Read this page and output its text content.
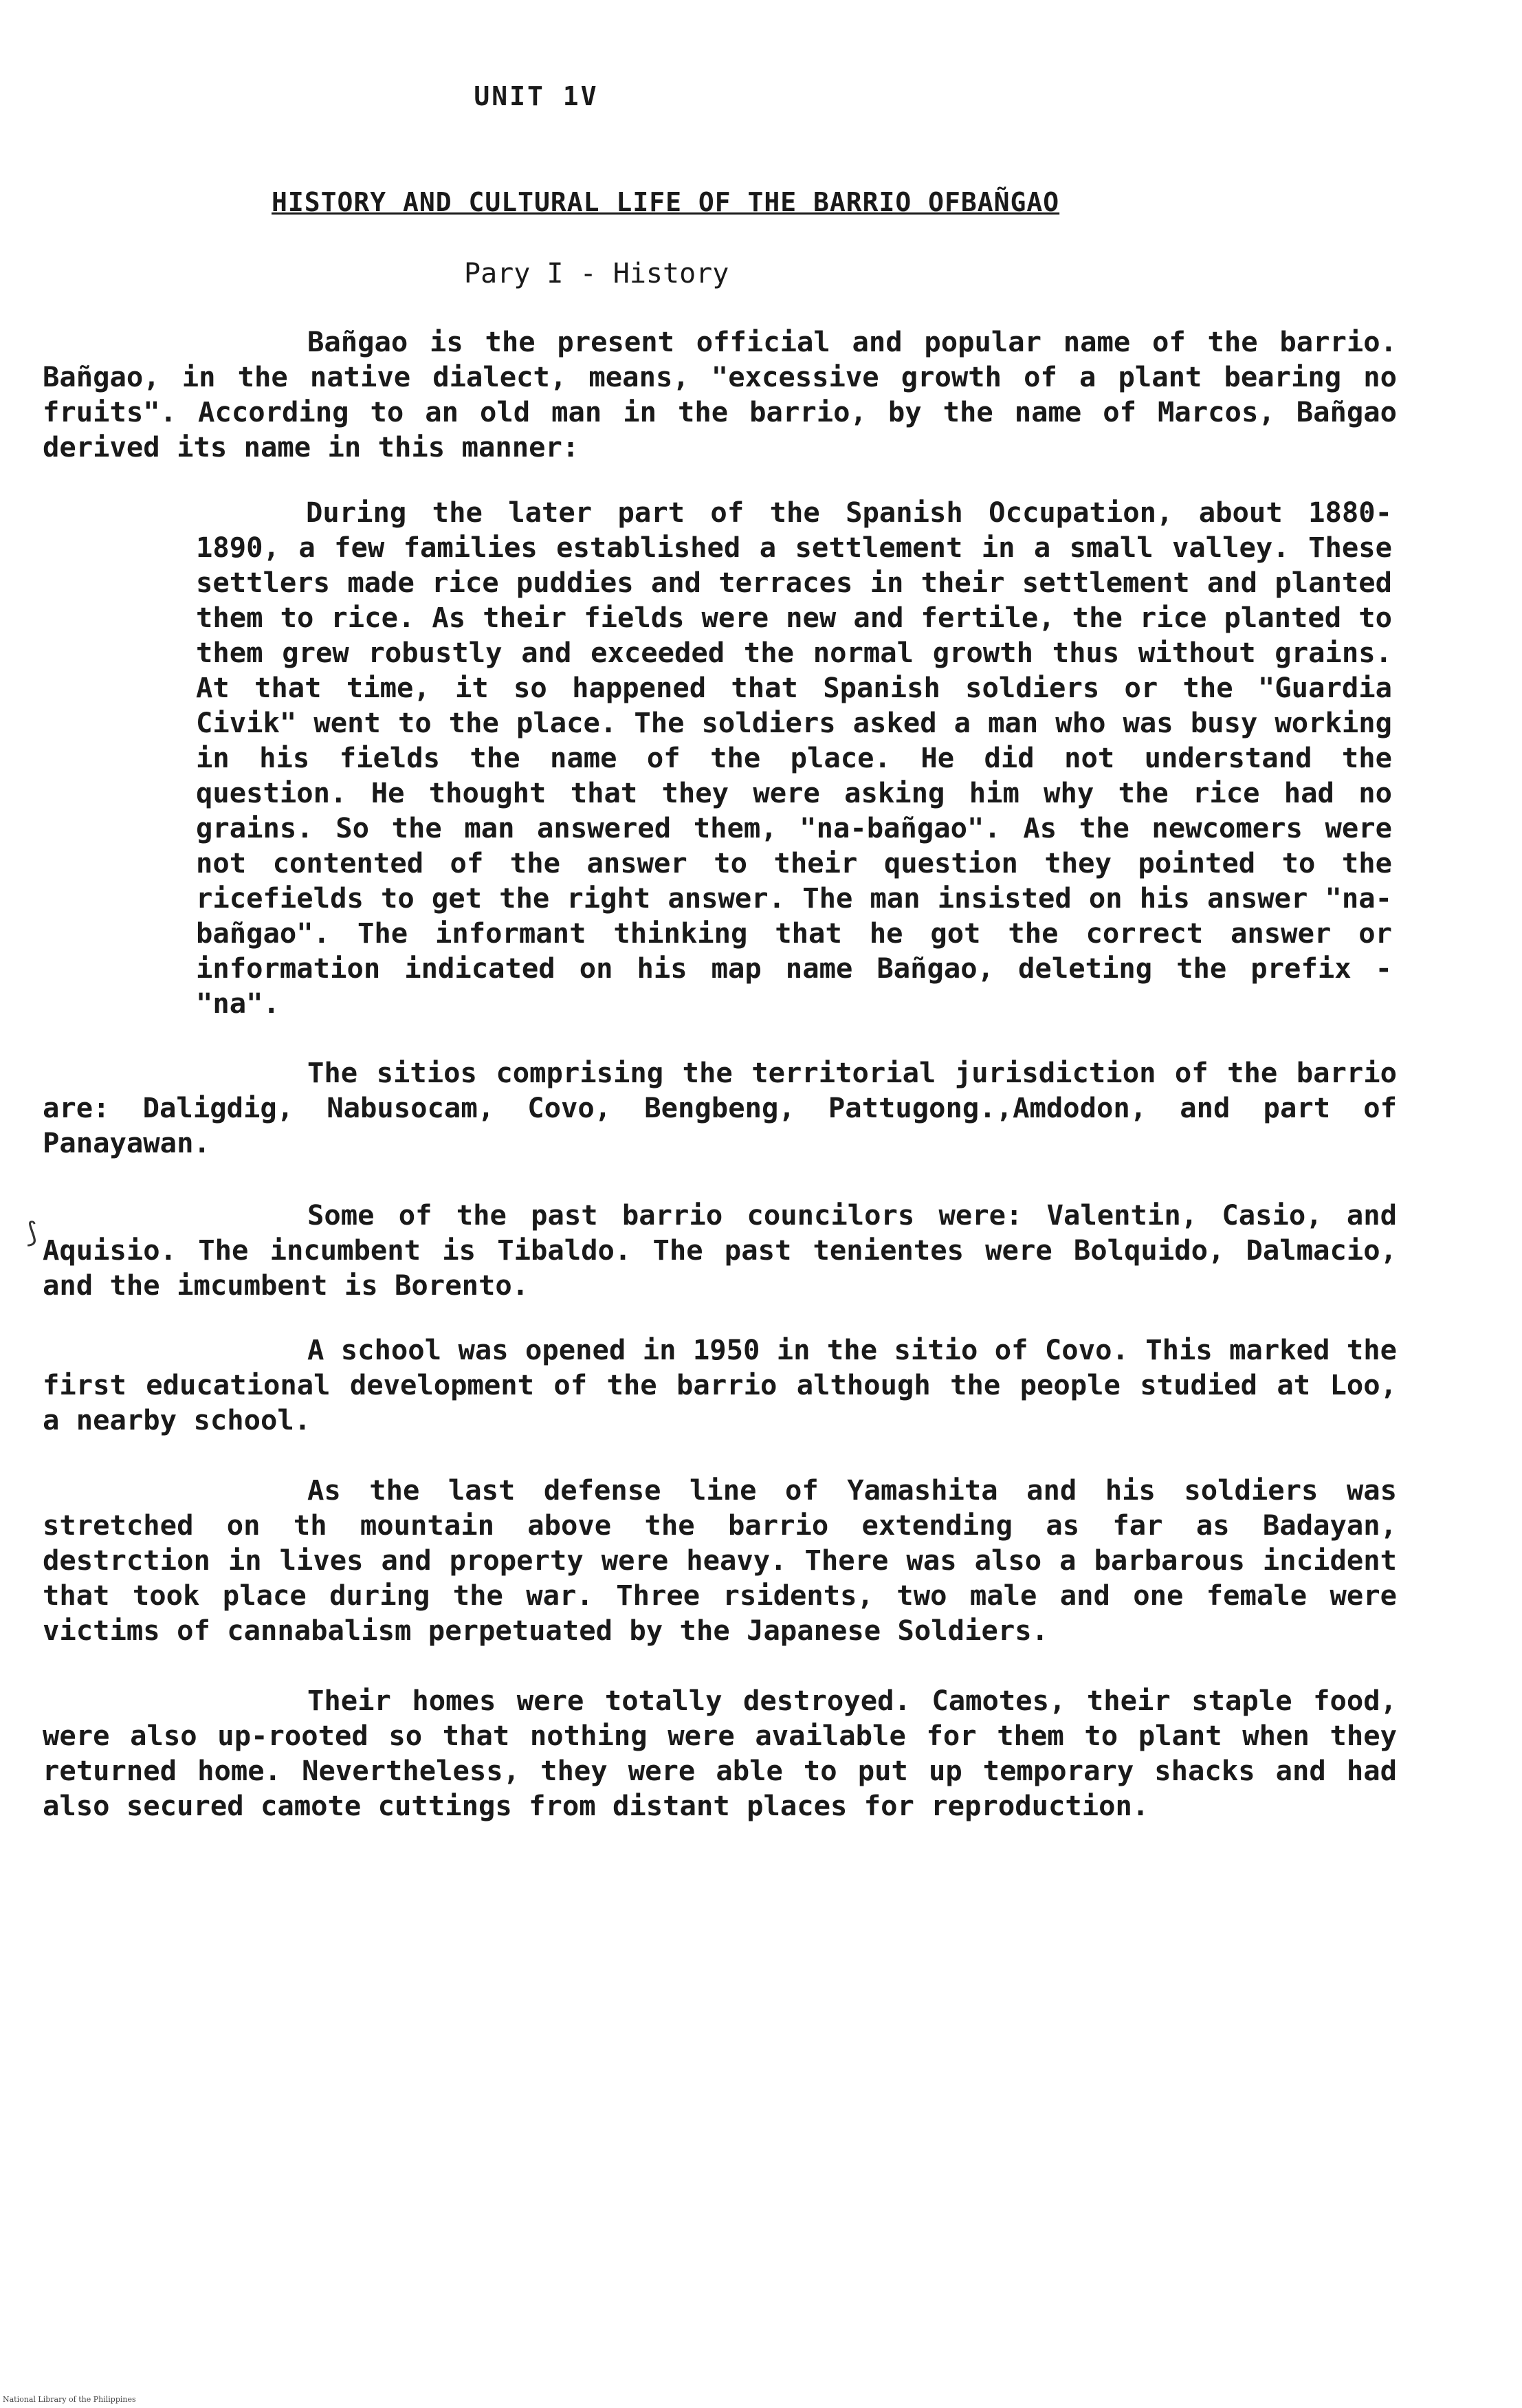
UNIT 1V
HISTORY AND CULTURAL LIFE OF THE BARRIO OFBAÑGAO
Pary I - History

Bañgao is the present official and popular name of the barrio. Bañgao, in the native dialect, means, "excessive growth of a plant bearing no fruits". According to an old man in the barrio, by the name of Marcos, Bañgao derived its name in this manner:

During the later part of the Spanish Occupation, about 1880-1890, a few families established a settlement in a small valley. These settlers made rice puddies and terraces in their settlement and planted them to rice. As their fields were new and fertile, the rice planted to them grew robustly and exceeded the normal growth thus without grains. At that time, it so happened that Spanish soldiers or the "Guardia Civik" went to the place. The soldiers asked a man who was busy working in his fields the name of the place. He did not understand the question. He thought that they were asking him why the rice had no grains. So the man answered them, "na-bañgao". As the newcomers were not contented of the answer to their question they pointed to the ricefields to get the right answer. The man insisted on his answer "na-bañgao". The informant thinking that he got the correct answer or information indicated on his map name Bañgao, deleting the prefix - "na".

The sitios comprising the territorial jurisdiction of the barrio are: Daligdig, Nabusocam, Covo, Bengbeng, Pattugong.,Amdodon, and part of Panayawan.

⟆

Some of the past barrio councilors were: Valentin, Casio, and Aquisio. The incumbent is Tibaldo. The past tenientes were Bolquido, Dalmacio, and the imcumbent is Borento.

A school was opened in 1950 in the sitio of Covo. This marked the first educational development of the barrio although the people studied at Loo, a nearby school.

As the last defense line of Yamashita and his soldiers was stretched on th mountain above the barrio extending as far as Badayan, destrction in lives and property were heavy. There was also a barbarous incident that took place during the war. Three rsidents, two male and one female were victims of cannabalism perpetuated by the Japanese Soldiers.

Their homes were totally destroyed. Camotes, their staple food, were also up-rooted so that nothing were available for them to plant when they returned home. Nevertheless, they were able to put up temporary shacks and had also secured camote cuttings from distant places for reproduction.

National Library of the Philippines
